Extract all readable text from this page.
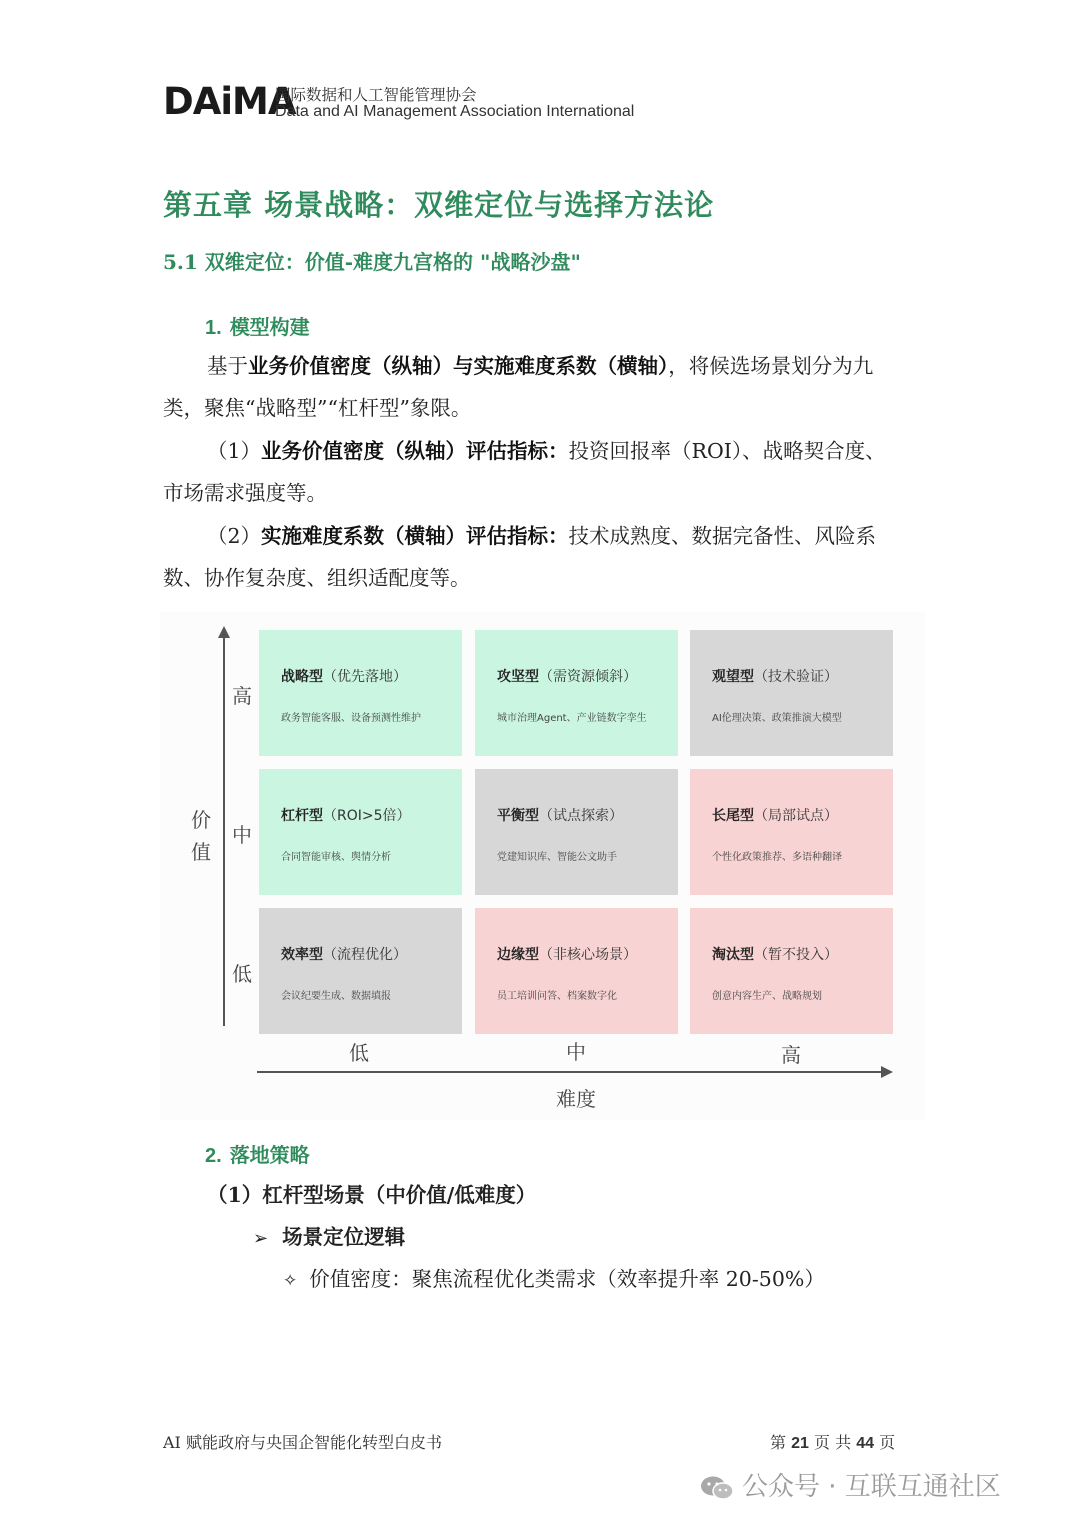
DAiMA
国际数据和人工智能管理协会
Data and AI Management Association International
第五章 场景战略：双维定位与选择方法论
5.1 双维定位：价值-难度九宫格的 "战略沙盘"
1. 模型构建
基于业务价值密度（纵轴）与实施难度系数（横轴），将候选场景划分为九
类，聚焦“战略型”“杠杆型”象限。
（1）业务价值密度（纵轴）评估指标：投资回报率（ROI）、战略契合度、
市场需求强度等。
（2）实施难度系数（横轴）评估指标：技术成熟度、数据完备性、风险系
数、协作复杂度、组织适配度等。
价
值
高
中
低
战略型（优先落地）
政务智能客服、设备预测性维护
攻坚型（需资源倾斜）
城市治理Agent、产业链数字孪生
观望型（技术验证）
AI伦理决策、政策推演大模型
杠杆型（ROI>5倍）
合同智能审核、舆情分析
平衡型（试点探索）
党建知识库、智能公文助手
长尾型（局部试点）
个性化政策推荐、多语种翻译
效率型（流程优化）
会议纪要生成、数据填报
边缘型（非核心场景）
员工培训问答、档案数字化
淘汰型（暂不投入）
创意内容生产、战略规划
低	中	高
难度
2. 落地策略
（1）杠杆型场景（中价值/低难度）
➢ 场景定位逻辑
✧ 价值密度：聚焦流程优化类需求（效率提升率 20-50%）
AI 赋能政府与央国企智能化转型白皮书	第 21 页 共 44 页
公众号 · 互联互通社区
